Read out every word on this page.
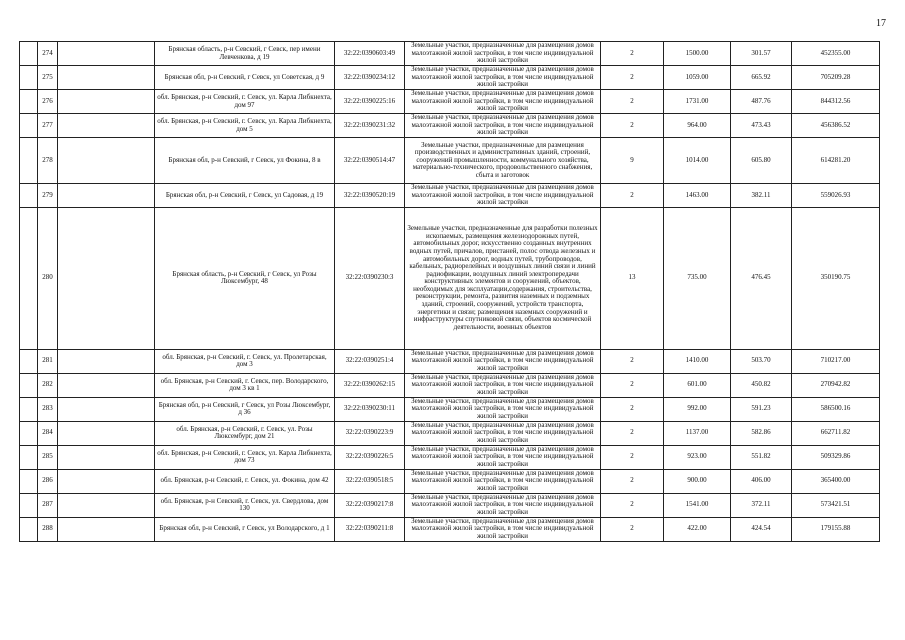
17
	274		Брянская область, р-н Севский, г Севск, пер имени Левченкова, д 19	32:22:0390603:49	Земельные участки, предназначенные для размещения домов малоэтажной жилой застройки, в том числе индивидуальной жилой застройки	2	1500.00	301.57	452355.00
	275		Брянская обл, р-н Севский, г Севск, ул Советская, д 9	32:22:0390234:12	Земельные участки, предназначенные для размещения домов малоэтажной жилой застройки, в том числе индивидуальной жилой застройки	2	1059.00	665.92	705209.28
	276		обл. Брянская, р-н Севский, г. Севск, ул. Карла Либкнехта, дом 97	32:22:0390225:16	Земельные участки, предназначенные для размещения домов малоэтажной жилой застройки, в том числе индивидуальной жилой застройки	2	1731.00	487.76	844312.56
	277		обл. Брянская, р-н Севский, г. Севск, ул. Карла Либкнехта, дом 5	32:22:0390231:32	Земельные участки, предназначенные для размещения домов малоэтажной жилой застройки, в том числе индивидуальной жилой застройки	2	964.00	473.43	456386.52
	278		Брянская обл, р-н Севский, г Севск, ул Фокина, 8 в	32:22:0390514:47	Земельные участки, предназначенные для размещения производственных и административных зданий, строений, сооружений промышленности, коммунального хозяйства, материально-технического, продовольственного снабжения, сбыта и заготовок	9	1014.00	605.80	614281.20
	279		Брянская обл, р-н Севский, г Севск, ул Садовая, д 19	32:22:0390520:19	Земельные участки, предназначенные для размещения домов малоэтажной жилой застройки, в том числе индивидуальной жилой застройки	2	1463.00	382.11	559026.93
	280		Брянская область, р-н Севский, г Севск, ул Розы Люксембург, 48	32:22:0390230:3	Земельные участки, предназначенные для разработки полезных ископаемых, размещения железнодорожных путей, автомобильных дорог, искусственно созданных внутренних водных путей, причалов, пристаней, полос отвода железных и автомобильных дорог, водных путей, трубопроводов, кабельных, радиорелейных и воздушных линий связи и линий радиофикации, воздушных линий электропередачи конструктивных элементов и сооружений, объектов, необходимых для эксплуатации,содержания, строительства, реконструкции, ремонта, развития наземных и подземных зданий, строений, сооружений, устройств транспорта, энергетики и связи; размещения наземных сооружений и инфраструктуры спутниковой связи, объектов космической деятельности, военных объектов	13	735.00	476.45	350190.75
	281		обл. Брянская, р-н Севский, г. Севск, ул. Пролетарская, дом 3	32:22:0390251:4	Земельные участки, предназначенные для размещения домов малоэтажной жилой застройки, в том числе индивидуальной жилой застройки	2	1410.00	503.70	710217.00
	282		обл. Брянская, р-н Севский, г. Севск, пер. Володарского, дом 3 кв 1	32:22:0390262:15	Земельные участки, предназначенные для размещения домов малоэтажной жилой застройки, в том числе индивидуальной жилой застройки	2	601.00	450.82	270942.82
	283		Брянская обл, р-н Севский, г Севск, ул Розы Люксембург, д 36	32:22:0390230:11	Земельные участки, предназначенные для размещения домов малоэтажной жилой застройки, в том числе индивидуальной жилой застройки	2	992.00	591.23	586500.16
	284		обл. Брянская, р-н Севский, г. Севск, ул. Розы Люксембург, дом 21	32:22:0390223:9	Земельные участки, предназначенные для размещения домов малоэтажной жилой застройки, в том числе индивидуальной жилой застройки	2	1137.00	582.86	662711.82
	285		обл. Брянская, р-н Севский, г. Севск, ул. Карла Либкнехта, дом 73	32:22:0390226:5	Земельные участки, предназначенные для размещения домов малоэтажной жилой застройки, в том числе индивидуальной жилой застройки	2	923.00	551.82	509329.86
	286		обл. Брянская, р-н Севский, г. Севск, ул. Фокина, дом 42	32:22:0390518:5	Земельные участки, предназначенные для размещения домов малоэтажной жилой застройки, в том числе индивидуальной жилой застройки	2	900.00	406.00	365400.00
	287		обл. Брянская, р-н Севский, г. Севск, ул. Свердлова, дом 130	32:22:0390217:8	Земельные участки, предназначенные для размещения домов малоэтажной жилой застройки, в том числе индивидуальной жилой застройки	2	1541.00	372.11	573421.51
	288		Брянская обл, р-н Севский, г Севск, ул Володарского, д 1	32:22:0390211:8	Земельные участки, предназначенные для размещения домов малоэтажной жилой застройки, в том числе индивидуальной жилой застройки	2	422.00	424.54	179155.88
